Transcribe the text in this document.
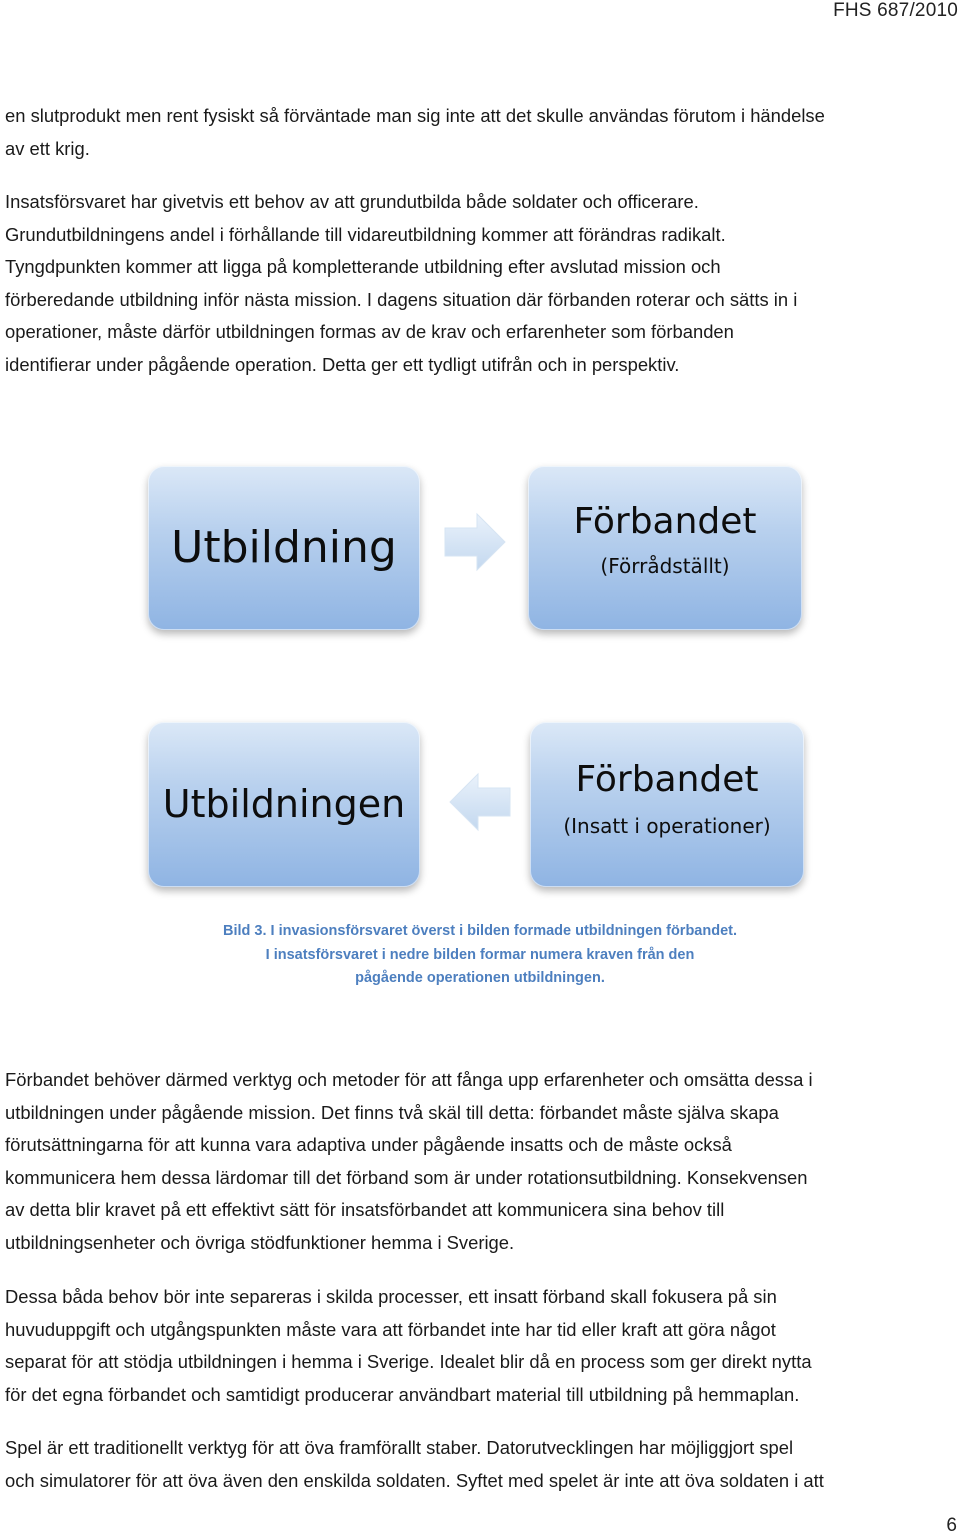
FHS 687/2010

en slutprodukt men rent fysiskt så förväntade man sig inte att det skulle användas förutom i händelse
av ett krig.

Insatsförsvaret har givetvis ett behov av att grundutbilda både soldater och officerare.
Grundutbildningens andel i förhållande till vidareutbildning kommer att förändras radikalt.
Tyngdpunkten kommer att ligga på kompletterande utbildning efter avslutad mission och
förberedande utbildning inför nästa mission. I dagens situation där förbanden roterar och sätts in i
operationer, måste därför utbildningen formas av de krav och erfarenheter som förbanden
identifierar under pågående operation. Detta ger ett tydligt utifrån och in perspektiv.

Utbildning
Förbandet
(Förrådställt)
Utbildningen
Förbandet
(Insatt i operationer)
Bild 3. I invasionsförsvaret överst i bilden formade utbildningen förbandet.
I insatsförsvaret i nedre bilden formar numera kraven från den
pågående operationen utbildningen.

Förbandet behöver därmed verktyg och metoder för att fånga upp erfarenheter och omsätta dessa i
utbildningen under pågående mission. Det finns två skäl till detta: förbandet måste själva skapa
förutsättningarna för att kunna vara adaptiva under pågående insatts och de måste också
kommunicera hem dessa lärdomar till det förband som är under rotationsutbildning. Konsekvensen
av detta blir kravet på ett effektivt sätt för insatsförbandet att kommunicera sina behov till
utbildningsenheter och övriga stödfunktioner hemma i Sverige.

Dessa båda behov bör inte separeras i skilda processer, ett insatt förband skall fokusera på sin
huvuduppgift och utgångspunkten måste vara att förbandet inte har tid eller kraft att göra något
separat för att stödja utbildningen i hemma i Sverige. Idealet blir då en process som ger direkt nytta
för det egna förbandet och samtidigt producerar användbart material till utbildning på hemmaplan.

Spel är ett traditionellt verktyg för att öva framförallt staber. Datorutvecklingen har möjliggjort spel
och simulatorer för att öva även den enskilda soldaten. Syftet med spelet är inte att öva soldaten i att

6
